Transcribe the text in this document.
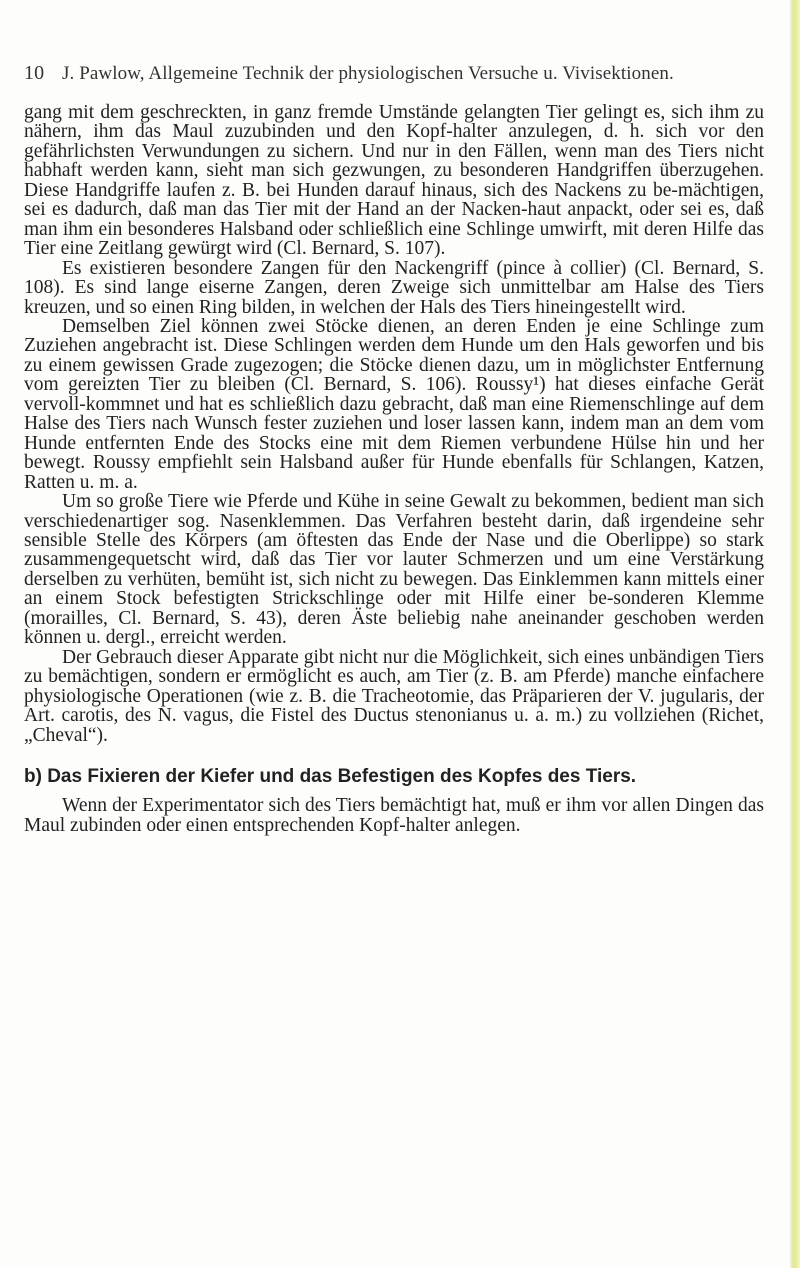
10 J. Pawlow, Allgemeine Technik der physiologischen Versuche u. Vivisektionen.

gang mit dem geschreckten, in ganz fremde Umstände gelangten Tier gelingt es, sich ihm zu nähern, ihm das Maul zuzubinden und den Kopf-halter anzulegen, d. h. sich vor den gefährlichsten Verwundungen zu sichern. Und nur in den Fällen, wenn man des Tiers nicht habhaft werden kann, sieht man sich gezwungen, zu besonderen Handgriffen überzugehen. Diese Handgriffe laufen z. B. bei Hunden darauf hinaus, sich des Nackens zu be-mächtigen, sei es dadurch, daß man das Tier mit der Hand an der Nacken-haut anpackt, oder sei es, daß man ihm ein besonderes Halsband oder schließlich eine Schlinge umwirft, mit deren Hilfe das Tier eine Zeitlang gewürgt wird (Cl. Bernard, S. 107).

Es existieren besondere Zangen für den Nackengriff (pince à collier) (Cl. Bernard, S. 108). Es sind lange eiserne Zangen, deren Zweige sich unmittelbar am Halse des Tiers kreuzen, und so einen Ring bilden, in welchen der Hals des Tiers hineingestellt wird.

Demselben Ziel können zwei Stöcke dienen, an deren Enden je eine Schlinge zum Zuziehen angebracht ist. Diese Schlingen werden dem Hunde um den Hals geworfen und bis zu einem gewissen Grade zugezogen; die Stöcke dienen dazu, um in möglichster Entfernung vom gereizten Tier zu bleiben (Cl. Bernard, S. 106). Roussy¹) hat dieses einfache Gerät vervoll-kommnet und hat es schließlich dazu gebracht, daß man eine Riemenschlinge auf dem Halse des Tiers nach Wunsch fester zuziehen und loser lassen kann, indem man an dem vom Hunde entfernten Ende des Stocks eine mit dem Riemen verbundene Hülse hin und her bewegt. Roussy empfiehlt sein Halsband außer für Hunde ebenfalls für Schlangen, Katzen, Ratten u. m. a.

Um so große Tiere wie Pferde und Kühe in seine Gewalt zu bekommen, bedient man sich verschiedenartiger sog. Nasenklemmen. Das Verfahren besteht darin, daß irgendeine sehr sensible Stelle des Körpers (am öftesten das Ende der Nase und die Oberlippe) so stark zusammengequetscht wird, daß das Tier vor lauter Schmerzen und um eine Verstärkung derselben zu verhüten, bemüht ist, sich nicht zu bewegen. Das Einklemmen kann mittels einer an einem Stock befestigten Strickschlinge oder mit Hilfe einer be-sonderen Klemme (morailles, Cl. Bernard, S. 43), deren Äste beliebig nahe aneinander geschoben werden können u. dergl., erreicht werden.

Der Gebrauch dieser Apparate gibt nicht nur die Möglichkeit, sich eines unbändigen Tiers zu bemächtigen, sondern er ermöglicht es auch, am Tier (z. B. am Pferde) manche einfachere physiologische Operationen (wie z. B. die Tracheotomie, das Präparieren der V. jugularis, der Art. carotis, des N. vagus, die Fistel des Ductus stenonianus u. a. m.) zu vollziehen (Richet, „Cheval“).

b) Das Fixieren der Kiefer und das Befestigen des Kopfes des Tiers.

Wenn der Experimentator sich des Tiers bemächtigt hat, muß er ihm vor allen Dingen das Maul zubinden oder einen entsprechenden Kopf-halter anlegen.
